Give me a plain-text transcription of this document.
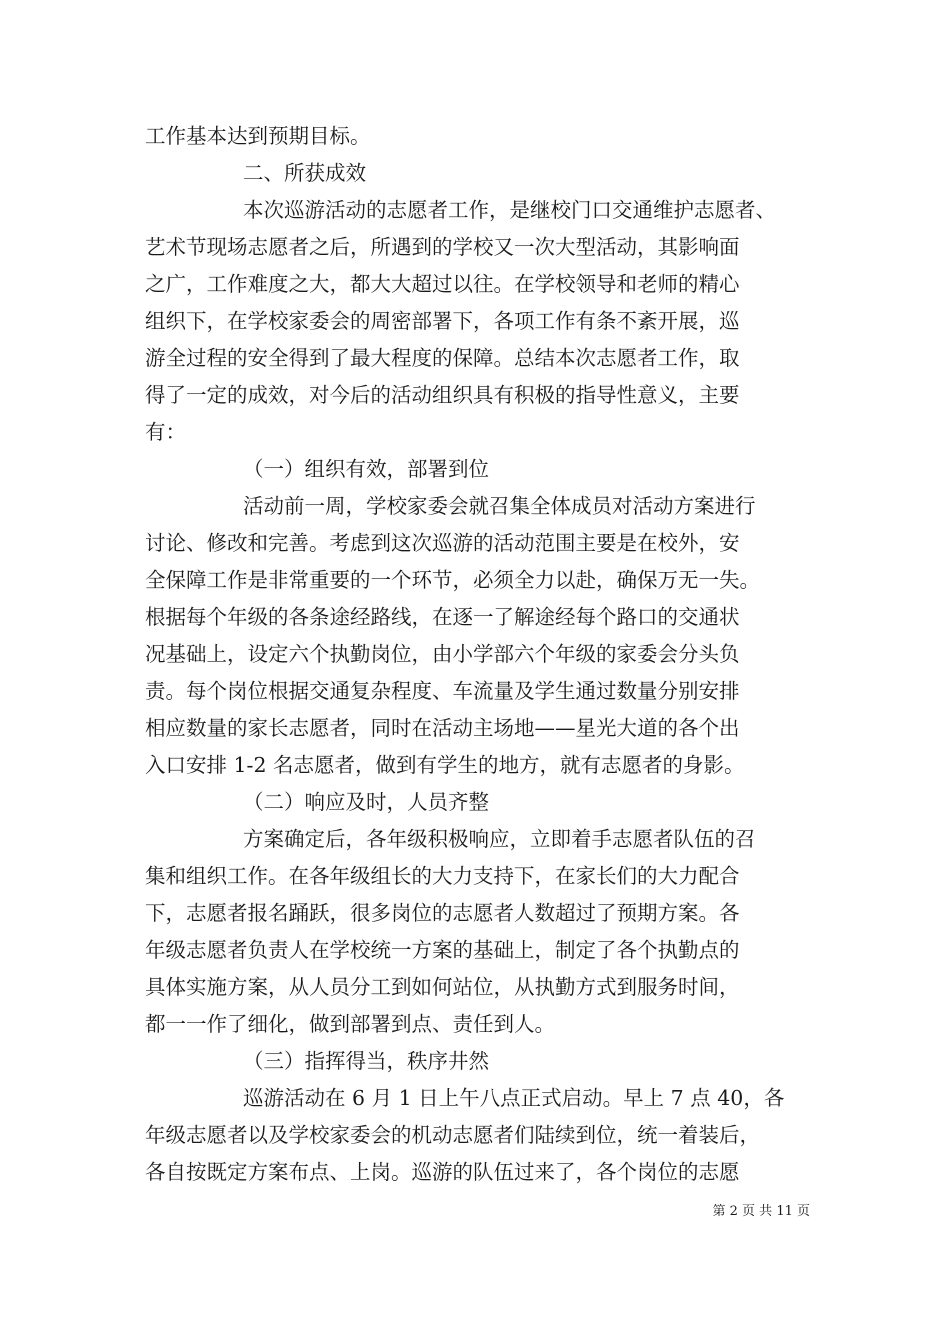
工作基本达到预期目标。
二、所获成效
本次巡游活动的志愿者工作，是继校门口交通维护志愿者、
艺术节现场志愿者之后，所遇到的学校又一次大型活动，其影响面
之广，工作难度之大，都大大超过以往。在学校领导和老师的精心
组织下，在学校家委会的周密部署下，各项工作有条不紊开展，巡
游全过程的安全得到了最大程度的保障。总结本次志愿者工作，取
得了一定的成效，对今后的活动组织具有积极的指导性意义，主要
有：
（一）组织有效，部署到位
活动前一周，学校家委会就召集全体成员对活动方案进行
讨论、修改和完善。考虑到这次巡游的活动范围主要是在校外，安
全保障工作是非常重要的一个环节，必须全力以赴，确保万无一失。
根据每个年级的各条途经路线，在逐一了解途经每个路口的交通状
况基础上，设定六个执勤岗位，由小学部六个年级的家委会分头负
责。每个岗位根据交通复杂程度、车流量及学生通过数量分别安排
相应数量的家长志愿者，同时在活动主场地——星光大道的各个出
入口安排 1-2 名志愿者，做到有学生的地方，就有志愿者的身影。
（二）响应及时，人员齐整
方案确定后，各年级积极响应，立即着手志愿者队伍的召
集和组织工作。在各年级组长的大力支持下，在家长们的大力配合
下，志愿者报名踊跃，很多岗位的志愿者人数超过了预期方案。各
年级志愿者负责人在学校统一方案的基础上，制定了各个执勤点的
具体实施方案，从人员分工到如何站位，从执勤方式到服务时间，
都一一作了细化，做到部署到点、责任到人。
（三）指挥得当，秩序井然
巡游活动在 6 月 1 日上午八点正式启动。早上 7 点 40，各
年级志愿者以及学校家委会的机动志愿者们陆续到位，统一着装后，
各自按既定方案布点、上岗。巡游的队伍过来了，各个岗位的志愿
第 2 页 共 11 页
